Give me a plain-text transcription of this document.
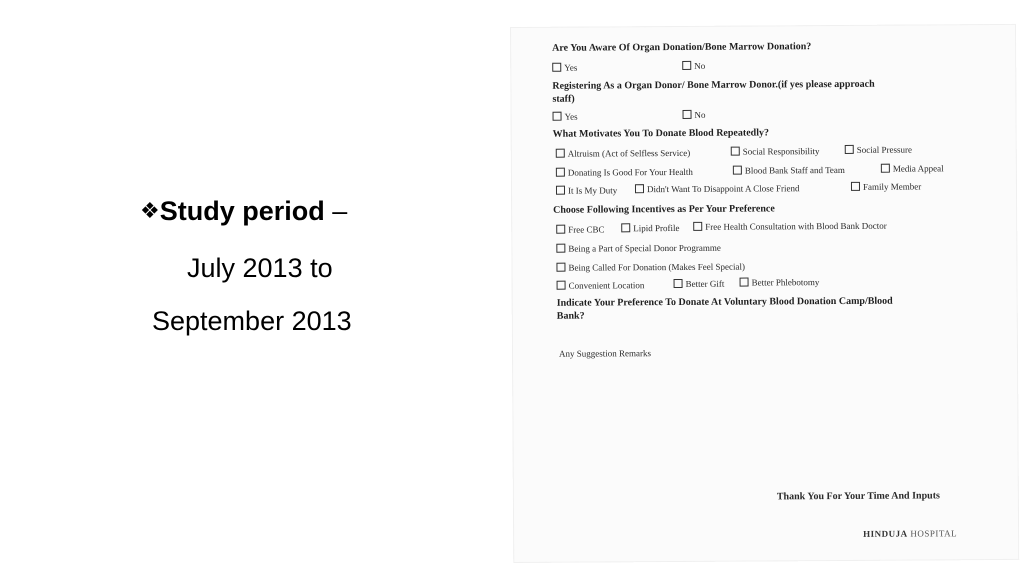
❖Study period –
July 2013 to
September 2013
Are You Aware Of Organ Donation/Bone Marrow Donation?
Yes	No
Registering As a Organ Donor/ Bone Marrow Donor.(if yes please approach
staff)
Yes	No
What Motivates You To Donate Blood Repeatedly?
Altruism (Act of Selfless Service)	Social Responsibility	Social Pressure
Donating Is Good For Your Health	Blood Bank Staff and Team	Media Appeal
It Is My Duty	Didn't Want To Disappoint A Close Friend	Family Member
Choose Following Incentives as Per Your Preference
Free CBC	Lipid Profile	Free Health Consultation with Blood Bank Doctor
Being a Part of Special Donor Programme
Being Called For Donation (Makes Feel Special)
Convenient Location	Better Gift	Better Phlebotomy
Indicate Your Preference To Donate At Voluntary Blood Donation Camp/Blood
Bank?
Any Suggestion Remarks
Thank You For Your Time And Inputs
HINDUJA HOSPITAL
